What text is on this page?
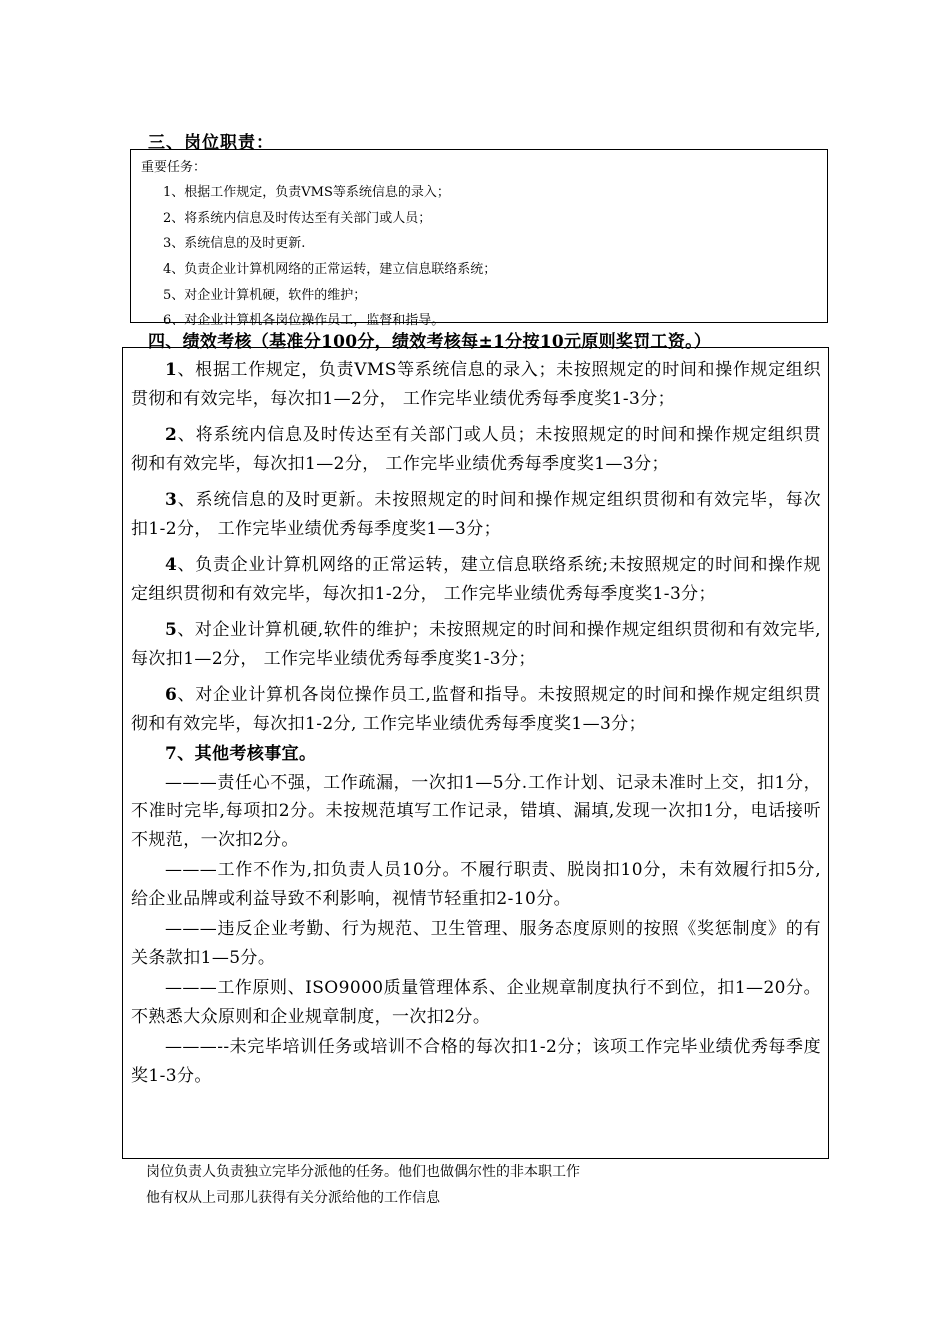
三、岗位职责：
重要任务：
1、根据工作规定，负责VMS等系统信息的录入；
2、将系统内信息及时传达至有关部门或人员；
3、系统信息的及时更新.
4、负责企业计算机网络的正常运转，建立信息联络系统；
5、对企业计算机硬，软件的维护；
6、对企业计算机各岗位操作员工，监督和指导。
四、绩效考核（基准分100分，绩效考核每±1分按10元原则奖罚工资。）

1、根据工作规定，负责VMS等系统信息的录入；未按照规定的时间和操作规定组织贯彻和有效完毕，每次扣1—2分， 工作完毕业绩优秀每季度奖1-3分；

2、将系统内信息及时传达至有关部门或人员；未按照规定的时间和操作规定组织贯彻和有效完毕，每次扣1—2分， 工作完毕业绩优秀每季度奖1—3分；

3、系统信息的及时更新。未按照规定的时间和操作规定组织贯彻和有效完毕，每次扣1-2分， 工作完毕业绩优秀每季度奖1—3分；

4、负责企业计算机网络的正常运转，建立信息联络系统;未按照规定的时间和操作规定组织贯彻和有效完毕，每次扣1-2分， 工作完毕业绩优秀每季度奖1-3分；

5、对企业计算机硬,软件的维护；未按照规定的时间和操作规定组织贯彻和有效完毕,每次扣1—2分， 工作完毕业绩优秀每季度奖1-3分；

6、对企业计算机各岗位操作员工,监督和指导。未按照规定的时间和操作规定组织贯彻和有效完毕，每次扣1-2分, 工作完毕业绩优秀每季度奖1—3分；

7、其他考核事宜。

———责任心不强，工作疏漏，一次扣1—5分.工作计划、记录未准时上交，扣1分，不准时完毕,每项扣2分。未按规范填写工作记录，错填、漏填,发现一次扣1分，电话接听不规范，一次扣2分。

———工作不作为,扣负责人员10分。不履行职责、脱岗扣10分，未有效履行扣5分,给企业品牌或利益导致不利影响，视情节轻重扣2-10分。

———违反企业考勤、行为规范、卫生管理、服务态度原则的按照《奖惩制度》的有关条款扣1—5分。

———工作原则、ISO9000质量管理体系、企业规章制度执行不到位，扣1—20分。不熟悉大众原则和企业规章制度，一次扣2分。

———--未完毕培训任务或培训不合格的每次扣1-2分；该项工作完毕业绩优秀每季度奖1-3分。

岗位负责人负责独立完毕分派他的任务。他们也做偶尔性的非本职工作
他有权从上司那儿获得有关分派给他的工作信息
